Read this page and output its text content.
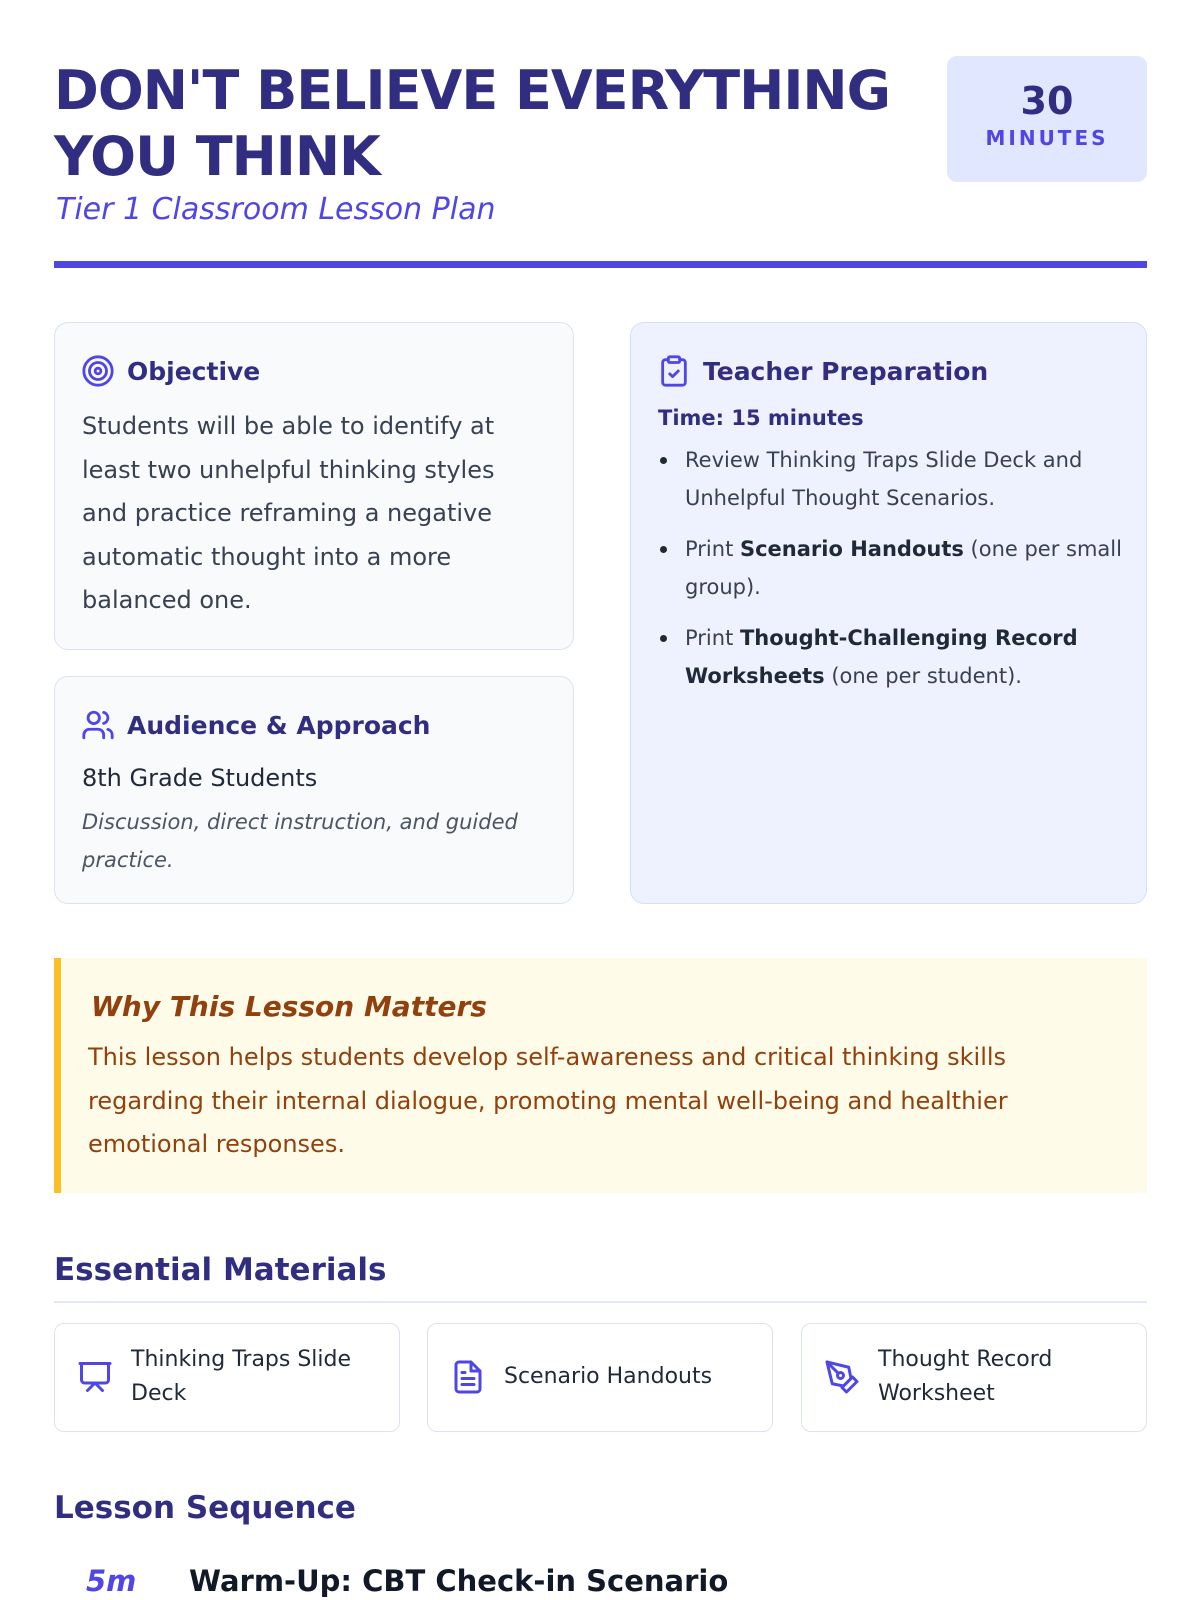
DON'T BELIEVE EVERYTHING YOU THINK
Tier 1 Classroom Lesson Plan
30
MINUTES
Objective

Students will be able to identify at least two unhelpful thinking styles and practice reframing a negative automatic thought into a more balanced one.

Audience & Approach
8th Grade Students
Discussion, direct instruction, and guided practice.
Teacher Preparation
Time: 15 minutes
Review Thinking Traps Slide Deck and Unhelpful Thought Scenarios.
Print Scenario Handouts (one per small group).
Print Thought-Challenging Record Worksheets (one per student).
Why This Lesson Matters

This lesson helps students develop self-awareness and critical thinking skills regarding their internal dialogue, promoting mental well-being and healthier emotional responses.

Essential Materials
Thinking Traps Slide Deck
Scenario Handouts
Thought Record Worksheet
Lesson Sequence
5m Warm-Up: CBT Check-in Scenario
